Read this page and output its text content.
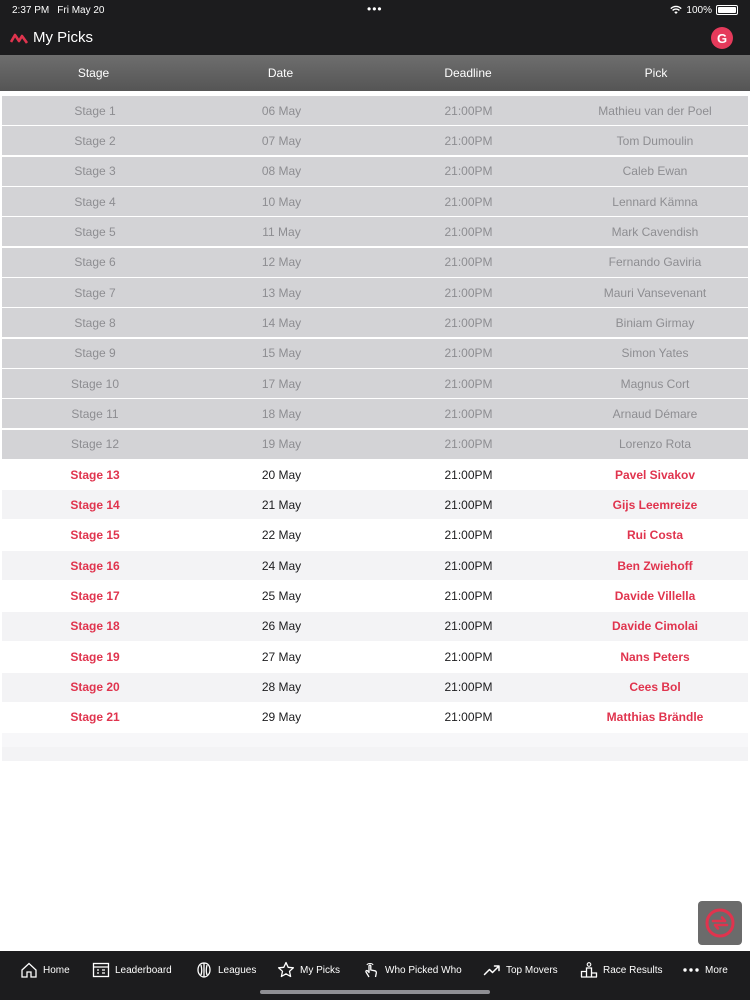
2:37 PM Fri May 20	•••	100%
My Picks	G
Stage	Date	Deadline	Pick
Stage 1	06 May	21:00PM	Mathieu van der Poel
Stage 2	07 May	21:00PM	Tom Dumoulin
Stage 3	08 May	21:00PM	Caleb Ewan
Stage 4	10 May	21:00PM	Lennard Kämna
Stage 5	11 May	21:00PM	Mark Cavendish
Stage 6	12 May	21:00PM	Fernando Gaviria
Stage 7	13 May	21:00PM	Mauri Vansevenant
Stage 8	14 May	21:00PM	Biniam Girmay
Stage 9	15 May	21:00PM	Simon Yates
Stage 10	17 May	21:00PM	Magnus Cort
Stage 11	18 May	21:00PM	Arnaud Démare
Stage 12	19 May	21:00PM	Lorenzo Rota
Stage 13	20 May	21:00PM	Pavel Sivakov
Stage 14	21 May	21:00PM	Gijs Leemreize
Stage 15	22 May	21:00PM	Rui Costa
Stage 16	24 May	21:00PM	Ben Zwiehoff
Stage 17	25 May	21:00PM	Davide Villella
Stage 18	26 May	21:00PM	Davide Cimolai
Stage 19	27 May	21:00PM	Nans Peters
Stage 20	28 May	21:00PM	Cees Bol
Stage 21	29 May	21:00PM	Matthias Brändle
Home	Leaderboard	Leagues	My Picks	Who Picked Who	Top Movers	Race Results	More
